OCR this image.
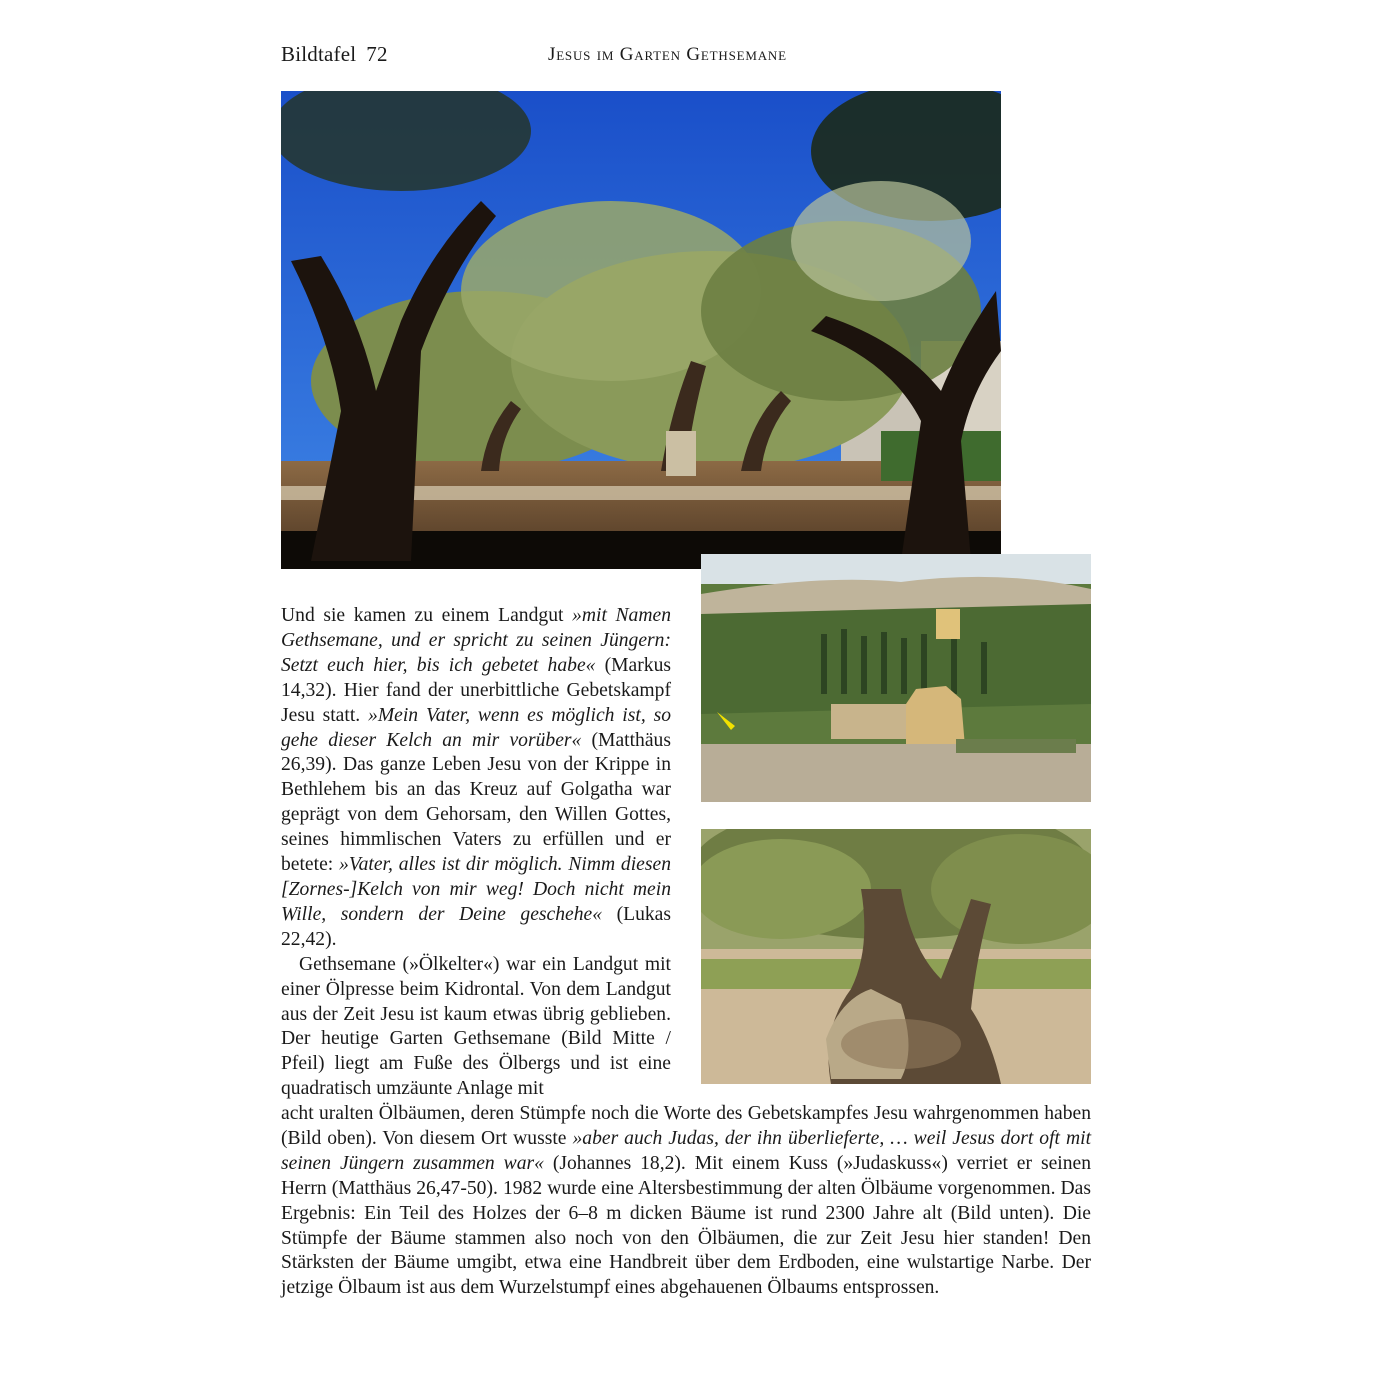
Bildtafel 72	Jesus im Garten Gethsemane

Und sie kamen zu einem Landgut »mit Namen Gethsemane, und er spricht zu seinen Jüngern: Setzt euch hier, bis ich gebetet habe« (Markus 14,32). Hier fand der unerbittliche Gebetskampf Jesu statt. »Mein Vater, wenn es möglich ist, so gehe dieser Kelch an mir vorüber« (Matthäus 26,39). Das ganze Leben Jesu von der Krippe in Bethlehem bis an das Kreuz auf Golgatha war geprägt von dem Gehorsam, den Willen Gottes, seines himmlischen Vaters zu erfüllen und er betete: »Vater, alles ist dir möglich. Nimm diesen [Zornes-]Kelch von mir weg! Doch nicht mein Wille, sondern der Deine geschehe« (Lukas 22,42).

Gethsemane (»Ölkelter«) war ein Landgut mit einer Ölpresse beim Kidrontal. Von dem Landgut aus der Zeit Jesu ist kaum etwas übrig geblieben. Der heutige Garten Gethsemane (Bild Mitte / Pfeil) liegt am Fuße des Ölbergs und ist eine quadratisch umzäunte Anlage mit

acht uralten Ölbäumen, deren Stümpfe noch die Worte des Gebetskampfes Jesu wahrgenommen haben (Bild oben). Von diesem Ort wusste »aber auch Judas, der ihn überlieferte, … weil Jesus dort oft mit seinen Jüngern zusammen war« (Johannes 18,2). Mit einem Kuss (»Judaskuss«) verriet er seinen Herrn (Matthäus 26,47-50). 1982 wurde eine Altersbestimmung der alten Ölbäume vorgenommen. Das Ergebnis: Ein Teil des Holzes der 6–8 m dicken Bäume ist rund 2300 Jahre alt (Bild unten). Die Stümpfe der Bäume stammen also noch von den Ölbäumen, die zur Zeit Jesu hier standen! Den Stärksten der Bäume umgibt, etwa eine Handbreit über dem Erdboden, eine wulstartige Narbe. Der jetzige Ölbaum ist aus dem Wurzelstumpf eines abgehauenen Ölbaums entsprossen.
